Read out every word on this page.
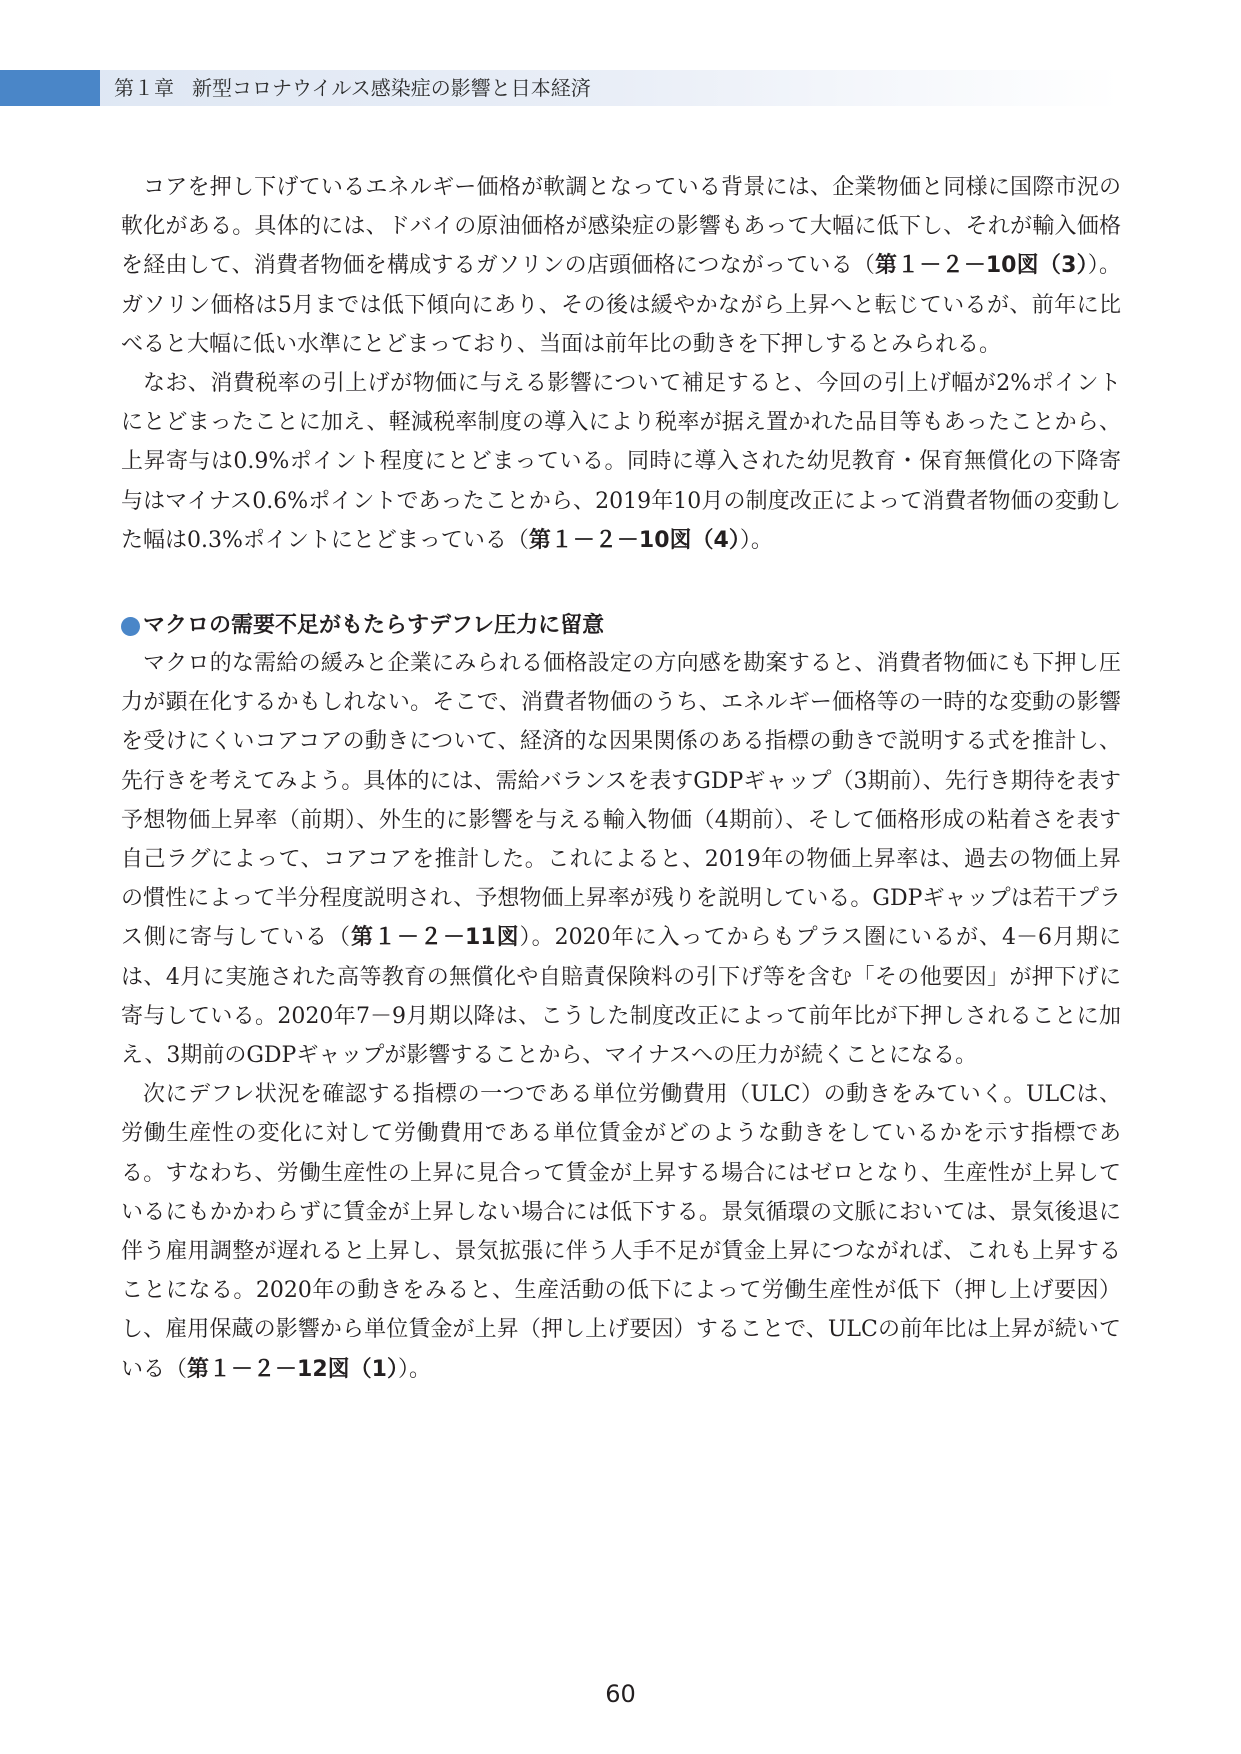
第１章 新型コロナウイルス感染症の影響と日本経済

コアを押し下げているエネルギー価格が軟調となっている背景には、企業物価と同様に国際市況の軟化がある。具体的には、ドバイの原油価格が感染症の影響もあって大幅に低下し、それが輸入価格を経由して、消費者物価を構成するガソリンの店頭価格につながっている（第１－２－10図（3））。ガソリン価格は5月までは低下傾向にあり、その後は緩やかながら上昇へと転じているが、前年に比べると大幅に低い水準にとどまっており、当面は前年比の動きを下押しするとみられる。

なお、消費税率の引上げが物価に与える影響について補足すると、今回の引上げ幅が2%ポイントにとどまったことに加え、軽減税率制度の導入により税率が据え置かれた品目等もあったことから、上昇寄与は0.9%ポイント程度にとどまっている。同時に導入された幼児教育・保育無償化の下降寄与はマイナス0.6%ポイントであったことから、2019年10月の制度改正によって消費者物価の変動した幅は0.3%ポイントにとどまっている（第１－２－10図（4））。

マクロの需要不足がもたらすデフレ圧力に留意

マクロ的な需給の緩みと企業にみられる価格設定の方向感を勘案すると、消費者物価にも下押し圧力が顕在化するかもしれない。そこで、消費者物価のうち、エネルギー価格等の一時的な変動の影響を受けにくいコアコアの動きについて、経済的な因果関係のある指標の動きで説明する式を推計し、先行きを考えてみよう。具体的には、需給バランスを表すGDPギャップ（3期前）、先行き期待を表す予想物価上昇率（前期）、外生的に影響を与える輸入物価（4期前）、そして価格形成の粘着さを表す自己ラグによって、コアコアを推計した。これによると、2019年の物価上昇率は、過去の物価上昇の慣性によって半分程度説明され、予想物価上昇率が残りを説明している。GDPギャップは若干プラス側に寄与している（第１－２－11図）。2020年に入ってからもプラス圏にいるが、4－6月期には、4月に実施された高等教育の無償化や自賠責保険料の引下げ等を含む「その他要因」が押下げに寄与している。2020年7－9月期以降は、こうした制度改正によって前年比が下押しされることに加え、3期前のGDPギャップが影響することから、マイナスへの圧力が続くことになる。

次にデフレ状況を確認する指標の一つである単位労働費用（ULC）の動きをみていく。ULCは、労働生産性の変化に対して労働費用である単位賃金がどのような動きをしているかを示す指標である。すなわち、労働生産性の上昇に見合って賃金が上昇する場合にはゼロとなり、生産性が上昇しているにもかかわらずに賃金が上昇しない場合には低下する。景気循環の文脈においては、景気後退に伴う雇用調整が遅れると上昇し、景気拡張に伴う人手不足が賃金上昇につながれば、これも上昇することになる。2020年の動きをみると、生産活動の低下によって労働生産性が低下（押し上げ要因）し、雇用保蔵の影響から単位賃金が上昇（押し上げ要因）することで、ULCの前年比は上昇が続いている（第１－２－12図（1））。

60
